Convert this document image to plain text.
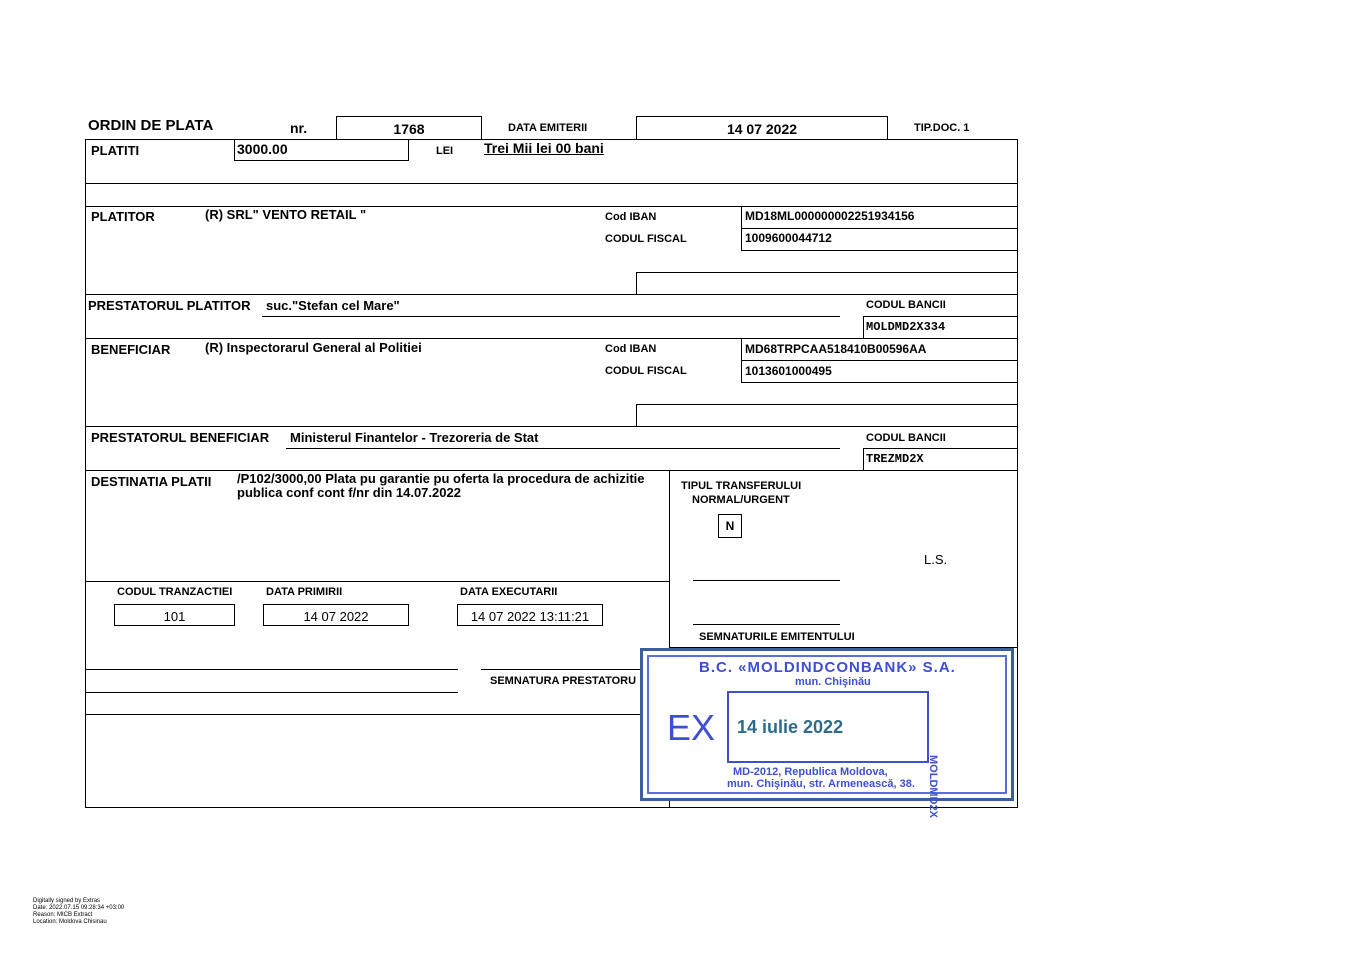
ORDIN DE PLATA	nr.	1768	DATA EMITERII	14 07 2022	TIP.DOC. 1
PLATITI	3000.00	LEI Trei Mii lei 00 bani
PLATITOR	(R) SRL" VENTO RETAIL "	Cod IBAN	MD18ML000000002251934156
CODUL FISCAL	1009600044712
PRESTATORUL PLATITOR suc."Stefan cel Mare"	CODUL BANCII
MOLDMD2X334
BENEFICIAR	(R) Inspectorarul General al Politiei	Cod IBAN	MD68TRPCAA518410B00596AA
CODUL FISCAL	1013601000495
PRESTATORUL BENEFICIAR Ministerul Finantelor - Trezoreria de Stat	CODUL BANCII
TREZMD2X
DESTINATIA PLATII /P102/3000,00 Plata pu garantie pu oferta la procedura de achizitie
publica conf cont f/nr din 14.07.2022	TIPUL TRANSFERULUI
NORMAL/URGENT
N
L.S.
SEMNATURILE EMITENTULUI
CODUL TRANZACTIEI
101
DATA PRIMIRII
14 07 2022
DATA EXECUTARII
14 07 2022 13:11:21
SEMNATURA PRESTATORU
B.C. «MOLDINDCONBANK» S.A.
mun. Chişinău
EX 14 iulie 2022
MD-2012, Republica Moldova,
mun. Chişinău, str. Armenească, 38. MOLDMD2X
Digitally signed by Extras
Date: 2022.07.15 09:28:34 +03:00
Reason: MICB Extract
Location: Moldova Chisinau
